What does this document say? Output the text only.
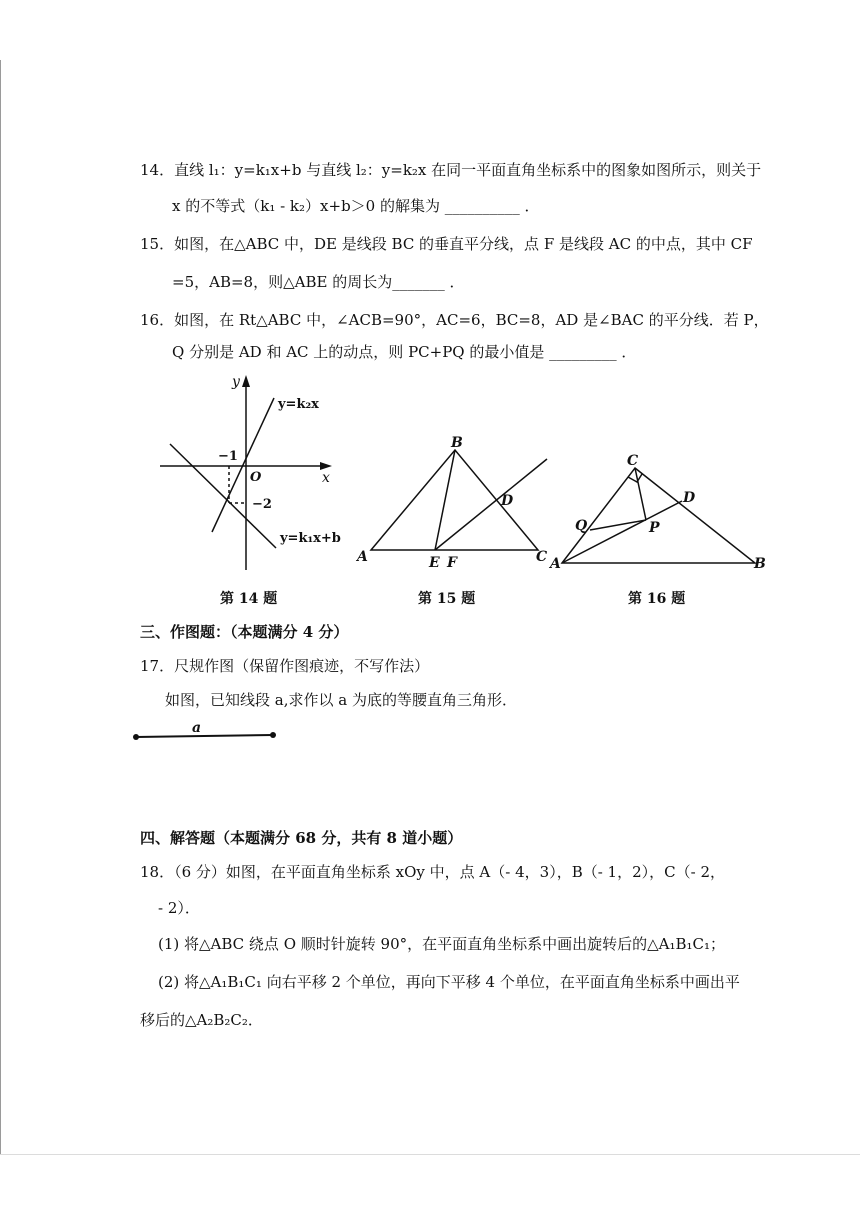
14．直线 l₁：y=k₁x+b 与直线 l₂：y=k₂x 在同一平面直角坐标系中的图象如图所示，则关于
x 的不等式（k₁ - k₂）x+b＞0 的解集为 __________ ．
15．如图，在△ABC 中，DE 是线段 BC 的垂直平分线，点 F 是线段 AC 的中点，其中 CF
=5，AB=8，则△ABE 的周长为_______ ．
16．如图，在 Rt△ABC 中，∠ACB=90°，AC=6，BC=8，AD 是∠BAC 的平分线．若 P，
Q 分别是 AD 和 AC 上的动点，则 PC+PQ 的最小值是 _________ ．
y
x
O
y=k₂x
y=k₁x+b
−1
−2
第 14 题
A
B
C
D
E F
第 15 题
A	B
C
D
P
Q
第 16 题
三、作图题：（本题满分 4 分）
17．尺规作图（保留作图痕迹，不写作法）
如图，已知线段 a,求作以 a 为底的等腰直角三角形．
a
四、解答题（本题满分 68 分，共有 8 道小题）
18．（6 分）如图，在平面直角坐标系 xOy 中，点 A（- 4，3），B（- 1，2），C（- 2，
- 2）．
(1) 将△ABC 绕点 O 顺时针旋转 90°，在平面直角坐标系中画出旋转后的△A₁B₁C₁；
(2) 将△A₁B₁C₁ 向右平移 2 个单位，再向下平移 4 个单位，在平面直角坐标系中画出平
移后的△A₂B₂C₂．
